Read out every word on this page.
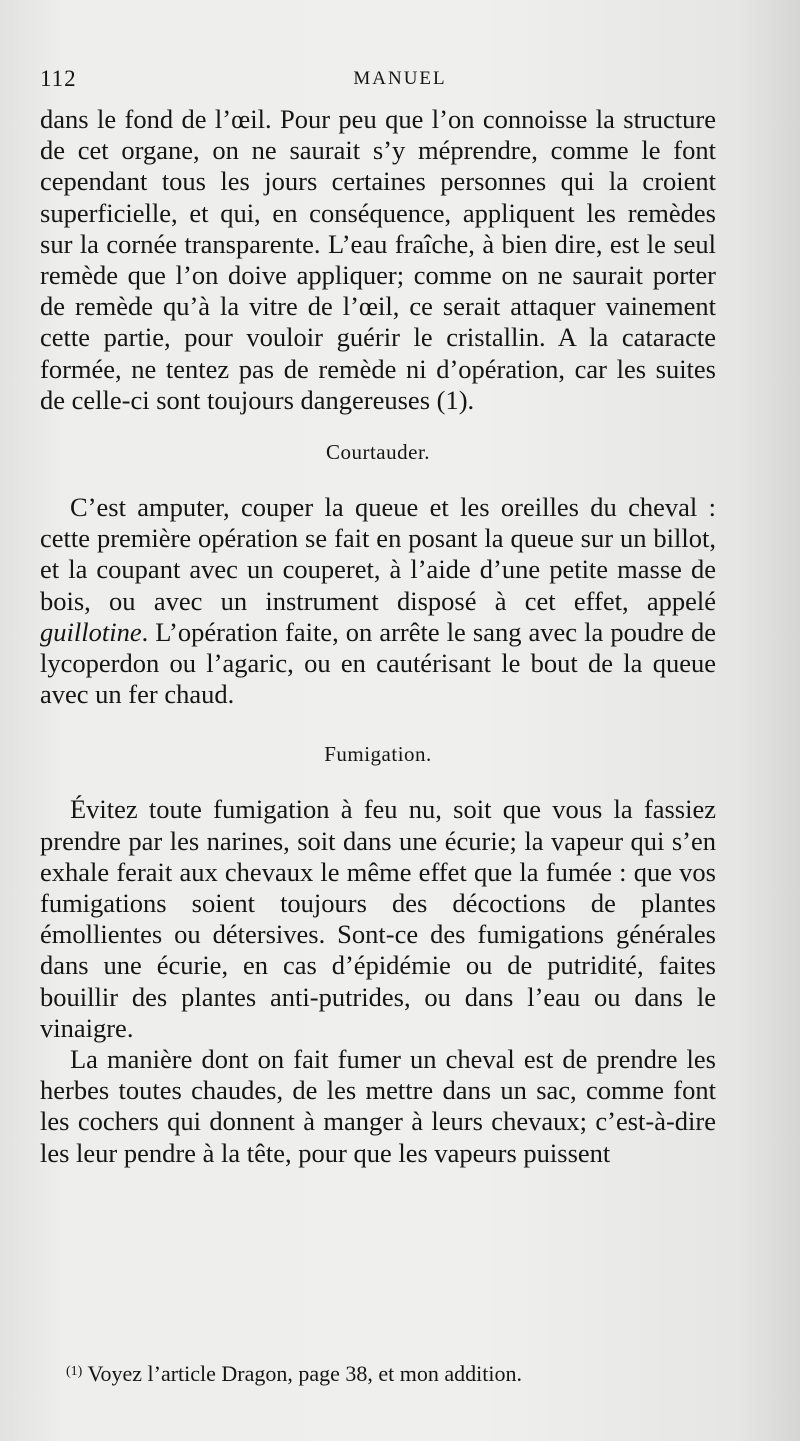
112	MANUEL

dans le fond de l’œil. Pour peu que l’on connoisse la structure de cet organe, on ne saurait s’y méprendre, comme le font cependant tous les jours certaines personnes qui la croient superficielle, et qui, en conséquence, appliquent les remèdes sur la cornée transparente. L’eau fraîche, à bien dire, est le seul remède que l’on doive appliquer; comme on ne saurait porter de remède qu’à la vitre de l’œil, ce serait attaquer vainement cette partie, pour vouloir guérir le cristallin. A la cataracte formée, ne tentez pas de remède ni d’opération, car les suites de celle-ci sont toujours dangereuses (1).

Courtauder.

C’est amputer, couper la queue et les oreilles du cheval : cette première opération se fait en posant la queue sur un billot, et la coupant avec un couperet, à l’aide d’une petite masse de bois, ou avec un instrument disposé à cet effet, appelé guillotine. L’opération faite, on arrête le sang avec la poudre de lycoperdon ou l’agaric, ou en cautérisant le bout de la queue avec un fer chaud.

Fumigation.

Évitez toute fumigation à feu nu, soit que vous la fassiez prendre par les narines, soit dans une écurie; la vapeur qui s’en exhale ferait aux chevaux le même effet que la fumée : que vos fumigations soient toujours des décoctions de plantes émollientes ou détersives. Sont-ce des fumigations générales dans une écurie, en cas d’épidémie ou de putridité, faites bouillir des plantes anti-putrides, ou dans l’eau ou dans le vinaigre.

La manière dont on fait fumer un cheval est de prendre les herbes toutes chaudes, de les mettre dans un sac, comme font les cochers qui donnent à manger à leurs chevaux; c’est-à-dire les leur pendre à la tête, pour que les vapeurs puissent

$^{(1)}$ Voyez l’article Dragon, page 38, et mon addition.
